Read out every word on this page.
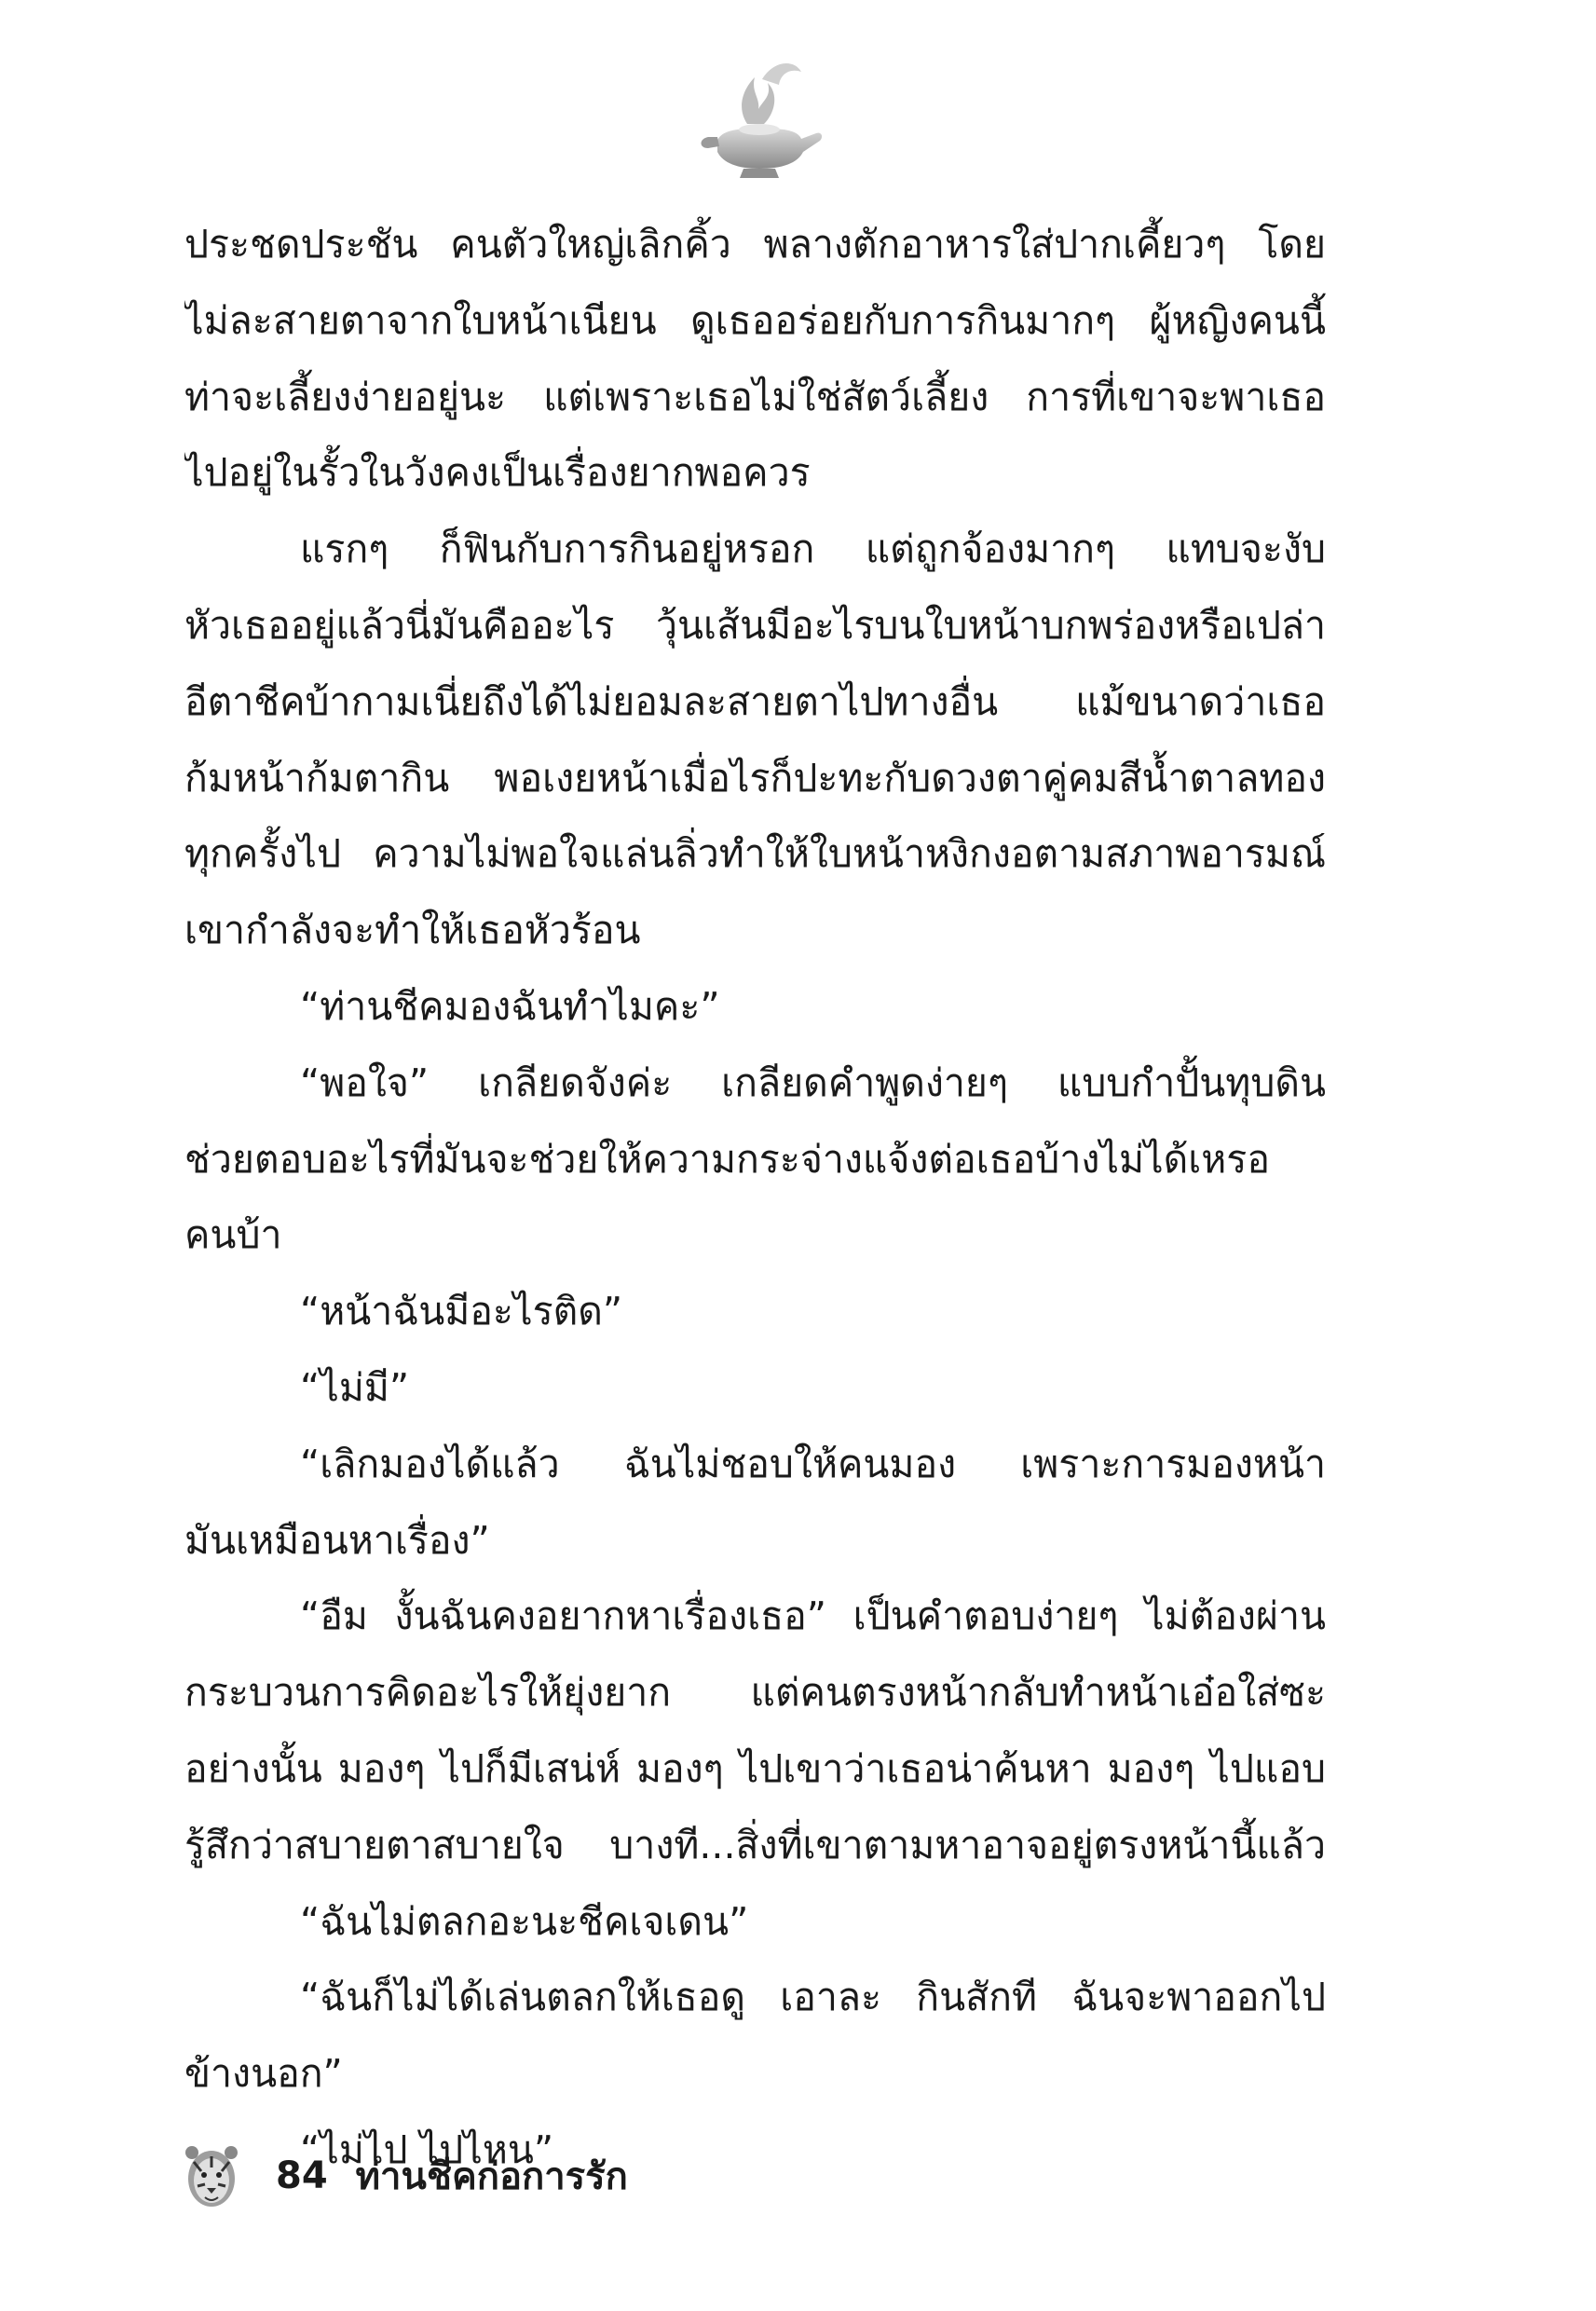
ประชดประชัน คนตัวใหญ่เลิกคิ้ว พลางตักอาหารใส่ปากเคี้ยวๆ โดย
ไม่ละสายตาจากใบหน้าเนียน ดูเธออร่อยกับการกินมากๆ ผู้หญิงคนนี้
ท่าจะเลี้ยงง่ายอยู่นะ แต่เพราะเธอไม่ใช่สัตว์เลี้ยง การที่เขาจะพาเธอ
ไปอยู่ในรั้วในวังคงเป็นเรื่องยากพอควร
แรกๆ ก็ฟินกับการกินอยู่หรอก แต่ถูกจ้องมากๆ แทบจะงับ
หัวเธออยู่แล้วนี่มันคืออะไร วุ้นเส้นมีอะไรบนใบหน้าบกพร่องหรือเปล่า
อีตาชีคบ้ากามเนี่ยถึงได้ไม่ยอมละสายตาไปทางอื่น แม้ขนาดว่าเธอ
ก้มหน้าก้มตากิน พอเงยหน้าเมื่อไรก็ปะทะกับดวงตาคู่คมสีน้ำตาลทอง
ทุกครั้งไป ความไม่พอใจแล่นลิ่วทำให้ใบหน้าหงิกงอตามสภาพอารมณ์
เขากำลังจะทำให้เธอหัวร้อน
“ท่านชีคมองฉันทำไมคะ”
“พอใจ” เกลียดจังค่ะ เกลียดคำพูดง่ายๆ แบบกำปั้นทุบดิน
ช่วยตอบอะไรที่มันจะช่วยให้ความกระจ่างแจ้งต่อเธอบ้างไม่ได้เหรอ
คนบ้า
“หน้าฉันมีอะไรติด”
“ไม่มี”
“เลิกมองได้แล้ว ฉันไม่ชอบให้คนมอง เพราะการมองหน้า
มันเหมือนหาเรื่อง”
“อืม งั้นฉันคงอยากหาเรื่องเธอ” เป็นคำตอบง่ายๆ ไม่ต้องผ่าน
กระบวนการคิดอะไรให้ยุ่งยาก แต่คนตรงหน้ากลับทำหน้าเอ๋อใส่ซะ
อย่างนั้น มองๆ ไปก็มีเสน่ห์ มองๆ ไปเขาว่าเธอน่าค้นหา มองๆ ไปแอบ
รู้สึกว่าสบายตาสบายใจ บางที...สิ่งที่เขาตามหาอาจอยู่ตรงหน้านี้แล้ว
“ฉันไม่ตลกอะนะชีคเจเดน”
“ฉันก็ไม่ได้เล่นตลกให้เธอดู เอาละ กินสักที ฉันจะพาออกไป
ข้างนอก”
“ไม่ไป ไปไหน”
84 ท่านชีคก่อการรัก
